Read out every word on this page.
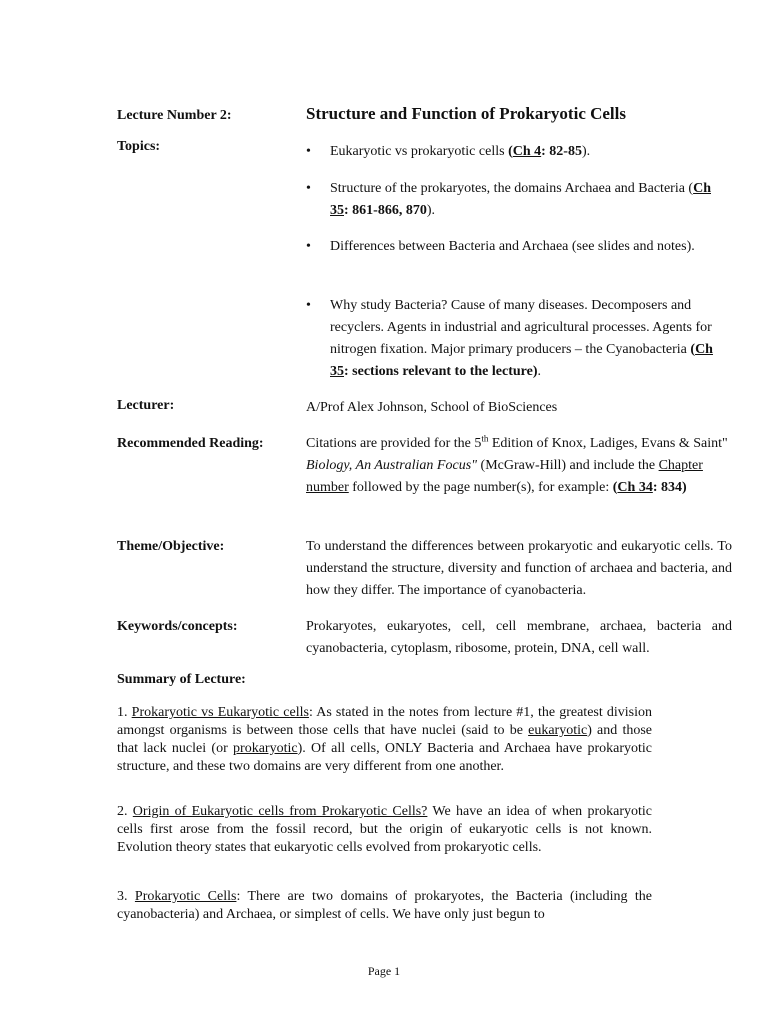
Lecture Number 2:	Structure and Function of Prokaryotic Cells
Topics:	• Eukaryotic vs prokaryotic cells (Ch 4: 82-85).
• Structure of the prokaryotes, the domains Archaea and Bacteria (Ch 35: 861-866, 870).
• Differences between Bacteria and Archaea (see slides and notes).
• Why study Bacteria? Cause of many diseases. Decomposers and recyclers. Agents in industrial and agricultural processes. Agents for nitrogen fixation. Major primary producers – the Cyanobacteria (Ch 35: sections relevant to the lecture).
Lecturer:	A/Prof Alex Johnson, School of BioSciences
Recommended Reading:	Citations are provided for the 5th Edition of Knox, Ladiges, Evans & Saint" Biology, An Australian Focus" (McGraw-Hill) and include the Chapter number followed by the page number(s), for example: (Ch 34: 834)
Theme/Objective:	To understand the differences between prokaryotic and eukaryotic cells. To understand the structure, diversity and function of archaea and bacteria, and how they differ. The importance of cyanobacteria.
Keywords/concepts:	Prokaryotes, eukaryotes, cell, cell membrane, archaea, bacteria and cyanobacteria, cytoplasm, ribosome, protein, DNA, cell wall.
Summary of Lecture:
1. Prokaryotic vs Eukaryotic cells: As stated in the notes from lecture #1, the greatest division amongst organisms is between those cells that have nuclei (said to be eukaryotic) and those that lack nuclei (or prokaryotic). Of all cells, ONLY Bacteria and Archaea have prokaryotic structure, and these two domains are very different from one another.
2. Origin of Eukaryotic cells from Prokaryotic Cells? We have an idea of when prokaryotic cells first arose from the fossil record, but the origin of eukaryotic cells is not known. Evolution theory states that eukaryotic cells evolved from prokaryotic cells.
3. Prokaryotic Cells: There are two domains of prokaryotes, the Bacteria (including the cyanobacteria) and Archaea, or simplest of cells. We have only just begun to
Page 1
